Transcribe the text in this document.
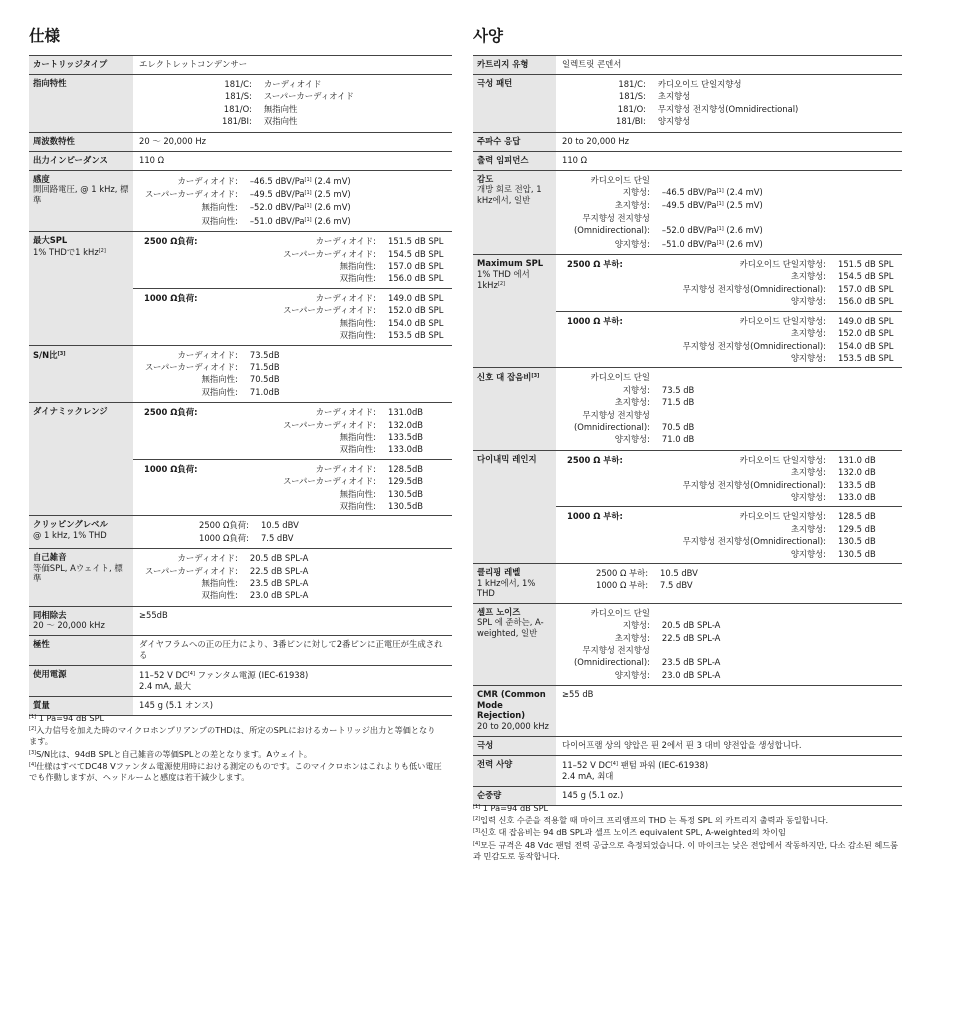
仕様
カートリッジタイプ	エレクトレットコンデンサー

指向特性
		181/C:	カーディオイド
181/S:	スーパーカーディオイド
181/O:	無指向性
181/BI:	双指向性

周波数特性	20 ～ 20,000 Hz

出力インピーダンス	110 Ω

感度
開回路電圧, @ 1 kHz, 標準

カーディオイド:	–46.5 dBV/Pa[1] (2.4 mV)
スーパーカーディオイド:	–49.5 dBV/Pa[1] (2.5 mV)
無指向性:	–52.0 dBV/Pa[1] (2.6 mV)
双指向性:	–51.0 dBV/Pa[1] (2.6 mV)

最大SPL
1% THDで1 kHz[2]

2500 Ω負荷:	カーディオイド:	151.5 dB SPL
スーパーカーディオイド:	154.5 dB SPL
無指向性:	157.0 dB SPL
双指向性:	156.0 dB SPL
1000 Ω負荷:	カーディオイド:	149.0 dB SPL
スーパーカーディオイド:	152.0 dB SPL
無指向性:	154.0 dB SPL
双指向性:	153.5 dB SPL

S/N比[3]
		カーディオイド:	73.5dB
スーパーカーディオイド:	71.5dB
無指向性:	70.5dB
双指向性:	71.0dB

ダイナミックレンジ	2500 Ω負荷:	カーディオイド:	131.0dB
スーパーカーディオイド:	132.0dB
無指向性:	133.5dB
双指向性:	133.0dB
1000 Ω負荷:	カーディオイド:	128.5dB
スーパーカーディオイド:	129.5dB
無指向性:	130.5dB
双指向性:	130.5dB

クリッピングレベル
@ 1 kHz, 1% THD

2500 Ω負荷:	10.5 dBV
1000 Ω負荷:	7.5 dBV

自己雑音
等価SPL, Aウェイト, 標準

カーディオイド:	20.5 dB SPL-A
スーパーカーディオイド:	22.5 dB SPL-A
無指向性:	23.5 dB SPL-A
双指向性:	23.0 dB SPL-A

同相除去
20 ～ 20,000 kHz
	≥55dB

極性	ダイヤフラムへの正の圧力により、3番ピンに対して2番ピンに正電圧が生成される

使用電源	11–52 V DC[4] ファンタム電源 (IEC-61938)
2.4 mA, 最大

質量	145 g (5.1 オンス)

[1] 1 Pa=94 dB SPL

[2]入力信号を加えた時のマイクロホンプリアンプのTHDは、所定のSPLにおけるカートリッジ出力と等価となります。

[3]S/N比は、94dB SPLと自己雑音の等価SPLとの差となります。Aウェイト。

[4]仕様はすべてDC48 Vファンタム電源使用時における測定のものです。このマイクロホンはこれよりも低い電圧でも作動しますが、ヘッドルームと感度は若干減少します。

사양
카트리지 유형	일렉트릿 콘덴서

극성 패턴
		181/C:	카디오이드 단일지향성
181/S:	초지향성
181/O:	무지향성 전지향성(Omnidirectional)
181/BI:	양지향성

주파수 응답	20 to 20,000 Hz

출력 임피던스	110 Ω

감도
개방 회로 전압, 1 kHz에서, 일반

카디오이드 단일
지향성:	–46.5 dBV/Pa[1] (2.4 mV)

초지향성:	–49.5 dBV/Pa[1] (2.5 mV)

무지향성 전지향성
(Omnidirectional):	–52.0 dBV/Pa[1] (2.6 mV)

양지향성:	–51.0 dBV/Pa[1] (2.6 mV)

Maximum SPL
1% THD 에서 1kHz[2]

2500 Ω 부하:	카디오이드 단일지향성:	151.5 dB SPL
초지향성:	154.5 dB SPL
무지향성 전지향성(Omnidirectional):	157.0 dB SPL
양지향성:	156.0 dB SPL
1000 Ω 부하:	카디오이드 단일지향성:	149.0 dB SPL
초지향성:	152.0 dB SPL
무지향성 전지향성(Omnidirectional):	154.0 dB SPL
양지향성:	153.5 dB SPL

신호 대 잡음비[3]
		카디오이드 단일
지향성:	73.5 dB

초지향성:	71.5 dB

무지향성 전지향성
(Omnidirectional):	70.5 dB

양지향성:	71.0 dB

다이내믹 레인지	2500 Ω 부하:	카디오이드 단일지향성:	131.0 dB
초지향성:	132.0 dB
무지향성 전지향성(Omnidirectional):	133.5 dB
양지향성:	133.0 dB
1000 Ω 부하:	카디오이드 단일지향성:	128.5 dB
초지향성:	129.5 dB
무지향성 전지향성(Omnidirectional):	130.5 dB
양지향성:	130.5 dB

클리핑 레벨
1 kHz에서, 1% THD

2500 Ω 부하:	10.5 dBV
1000 Ω 부하:	7.5 dBV

셀프 노이즈
SPL 에 준하는, A-weighted, 일반

카디오이드 단일
지향성:	20.5 dB SPL-A

초지향성:	22.5 dB SPL-A

무지향성 전지향성
(Omnidirectional):	23.5 dB SPL-A

양지향성:	23.0 dB SPL-A

CMR (Common Mode Rejection)
20 to 20,000 kHz
	≥55 dB

극성	다이어프램 상의 양압은 핀 2에서 핀 3 대비 양전압을 생성합니다.

전력 사양	11–52 V DC[4] 팬텀 파워 (IEC-61938)
2.4 mA, 최대

순중량	145 g (5.1 oz.)

[1] 1 Pa=94 dB SPL

[2]입력 신호 수준을 적용할 때 마이크 프리앰프의 THD 는 특정 SPL 의 카트리지 출력과 동일합니다.

[3]신호 대 잡음비는 94 dB SPL과 셀프 노이즈 equivalent SPL, A-weighted의 차이임

[4]모든 규격은 48 Vdc 팬텀 전력 공급으로 측정되었습니다. 이 마이크는 낮은 전압에서 작동하지만, 다소 감소된 헤드룸과 민감도로 동작합니다.
